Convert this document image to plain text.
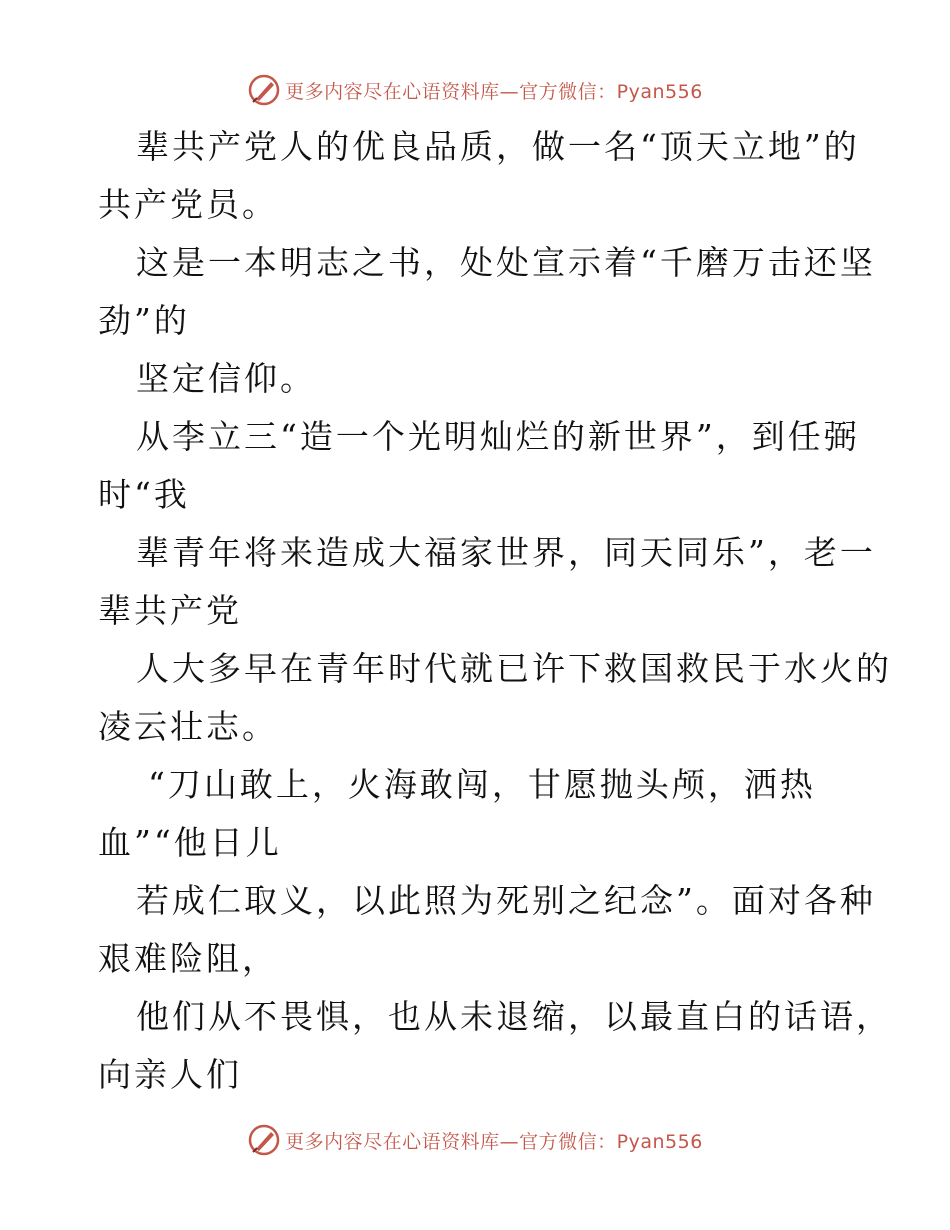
更多内容尽在心语资料库—官方微信：Pyan556
辈共产党人的优良品质，做一名“顶天立地”的
共产党员。
这是一本明志之书，处处宣示着“千磨万击还坚
劲”的
坚定信仰。
从李立三“造一个光明灿烂的新世界”，到任弼
时“我
辈青年将来造成大福家世界，同天同乐”，老一
辈共产党
人大多早在青年时代就已许下救国救民于水火的
凌云壮志。
“刀山敢上，火海敢闯，甘愿抛头颅，洒热
血”“他日儿
若成仁取义，以此照为死别之纪念”。面对各种
艰难险阻，
他们从不畏惧，也从未退缩，以最直白的话语，
向亲人们
更多内容尽在心语资料库—官方微信：Pyan556
